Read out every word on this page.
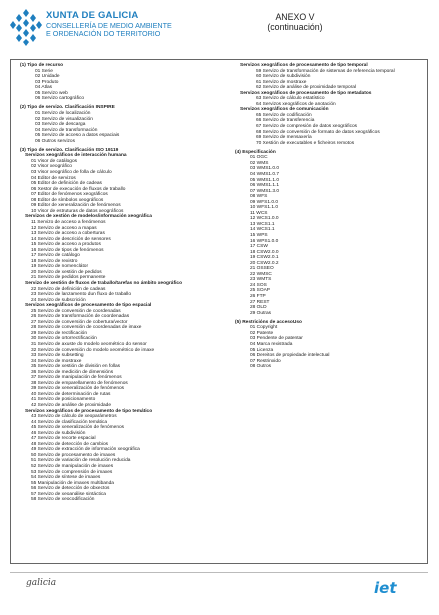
XUNTA DE GALICIA
CONSELLERÍA DE MEDIO AMBIENTE
E ORDENACIÓN DO TERRITORIO
ANEXO V
(continuación)
(1) Tipo de recurso
01 Serie
02 Unidade
03 Produto
04 Atlas
05 Servizo web
06 Servizo cartográfico
(2) Tipo de servizo. Clasificación INSPIRE
01 Servizo de localización
02 Servizo de visualización
03 Servizo de descarga
04 Servizo de transformación
05 Servizo de acceso a datos espaciais
06 Outros servizos
(3) Tipo de servizo. Clasificación ISO 19119
Servizos xeográficos de interacción humana
01 Visor de catálogos
02 Visor xeográfico
03 Visor xeográfico de folla de cálculo
04 Editor de servizos
05 Editor de definición de cadeas
06 Xestor de execución de fluxos de traballo
07 Editor de fenómenos xeográficos
08 Editor de símbolos xeográficos
09 Editor de xeneralización de fenómenos
10 Visor de estruturas de datos xeográficos
Servizos de xestión de modelos/información xeográfica
11 Servizo de acceso a fenómenos
12 Servizo de acceso a mapas
13 Servizo de acceso a coberturas
14 Servizo de descrición de sensores
15 Servizo de acceso a produtos
16 Servizo de tipos de fenómenos
17 Servizo de catálogo
18 Servizo de rexistro
19 Servizo de nomenclátor
20 Servizo de xestión de pedidos
21 Servizo de pedidos permanente
Servizo de xestión de fluxos de traballo/tarefas no ámbito xeográfico
22 Servizo de definición de cadeas
23 Servizo de lanzamento dun fluxo de traballo
24 Servizo de subscrición
Servizos xeográficos de procesamento de tipo espacial
25 Servizo de conversión de coordenadas
26 Servizo de transformación de coordenadas
27 Servizo de conversión de cobertura/vector
28 Servizo de conversión de coordenadas de imaxe
29 Servizo de rectificación
30 Servizo de ortorrectificación
31 Servizo de axuste do modelo xeométrico do sensor
32 Servizo de conversión do modelo xeométrico de imaxe
33 Servizo de subsetting
34 Servizo de mostraxe
35 Servizo de xestión de división en follas
36 Servizo de medición de dimensións
37 Servizo de manipulación de fenómenos
38 Servizo de emparellamento de fenómenos
39 Servizo de xeneralización de fenómenos
40 Servizo de determinación de rutas
41 Servizo de posicionamento
42 Servizo de análise de proximidade
Servizos xeográficos de procesamento de tipo temático
43 Servizo de cálculo de xeoparámetros
44 Servizo de clasificación temática
45 Servizo de xeneralización de fenómenos
46 Servizo de subdivisión
47 Servizo de recorte espacial
48 Servizo de detección de cambios
49 Servizo de extracción de información xeográfica
50 Servizo de procesamento de imaxes
51 Servizo de variación de resolución reducida
52 Servizo de manipulación de imaxes
53 Servizo de comprensión de imaxes
54 Servizo de síntese de imaxes
55 Manipulación de imaxes multibanda
56 Servizo de detección de obxectos
57 Servizo de xeoanálise sintáctica
58 Servizo de xeocodificación
Servizos xeográficos de procesamento de tipo temporal
59 Servizo de transformación de sistemas de referencia temporal
60 Servizo de subdivisión
61 Servizo de mostraxe
62 Servizo de análise de proximidade temporal
Servizos xeográficos de procesamento de tipo metadatos
63 Servizo de cálculo estatístico
64 Servizos xeográficos de anotación
Servizos xeográficos de comunicación
65 Servizo de codificación
66 Servizo de transferencia
67 Servizo de compresión de datos xeográficos
68 Servizo de conversión de formato de datos xeográficos
69 Servizo de mensaxería
70 Xestión de executables e ficheiros remotos
(4) Especificación
01 OGC
02 WMS
03 WMS1.0.0
04 WMS1.0.7
05 WMS1.1.0
06 WMS1.1.1
07 WMS1.3.0
08 WFS
09 WFS1.0.0
10 WFS1.1.0
11 WCS
12 WCS1.0.0
13 WCS1.1
14 WCS1.1
15 WPS
16 WPS1.0.0
17 CSW
18 CSW2.0.0
19 CSW2.0.1
20 CSW2.0.2
21 OSSEO
22 WMSC
23 WMTS
24 SOS
25 SOAP
26 FTP
27 REST
28 OLD
29 Outras
(5) Restricións de accesoUso
01 Copyright
02 Patente
03 Pendente de patentar
04 Marca rexistrada
05 Licenza
06 Dereitos de propiedade intelectual
07 Restrinxido
08 Outros
galicia	iet
